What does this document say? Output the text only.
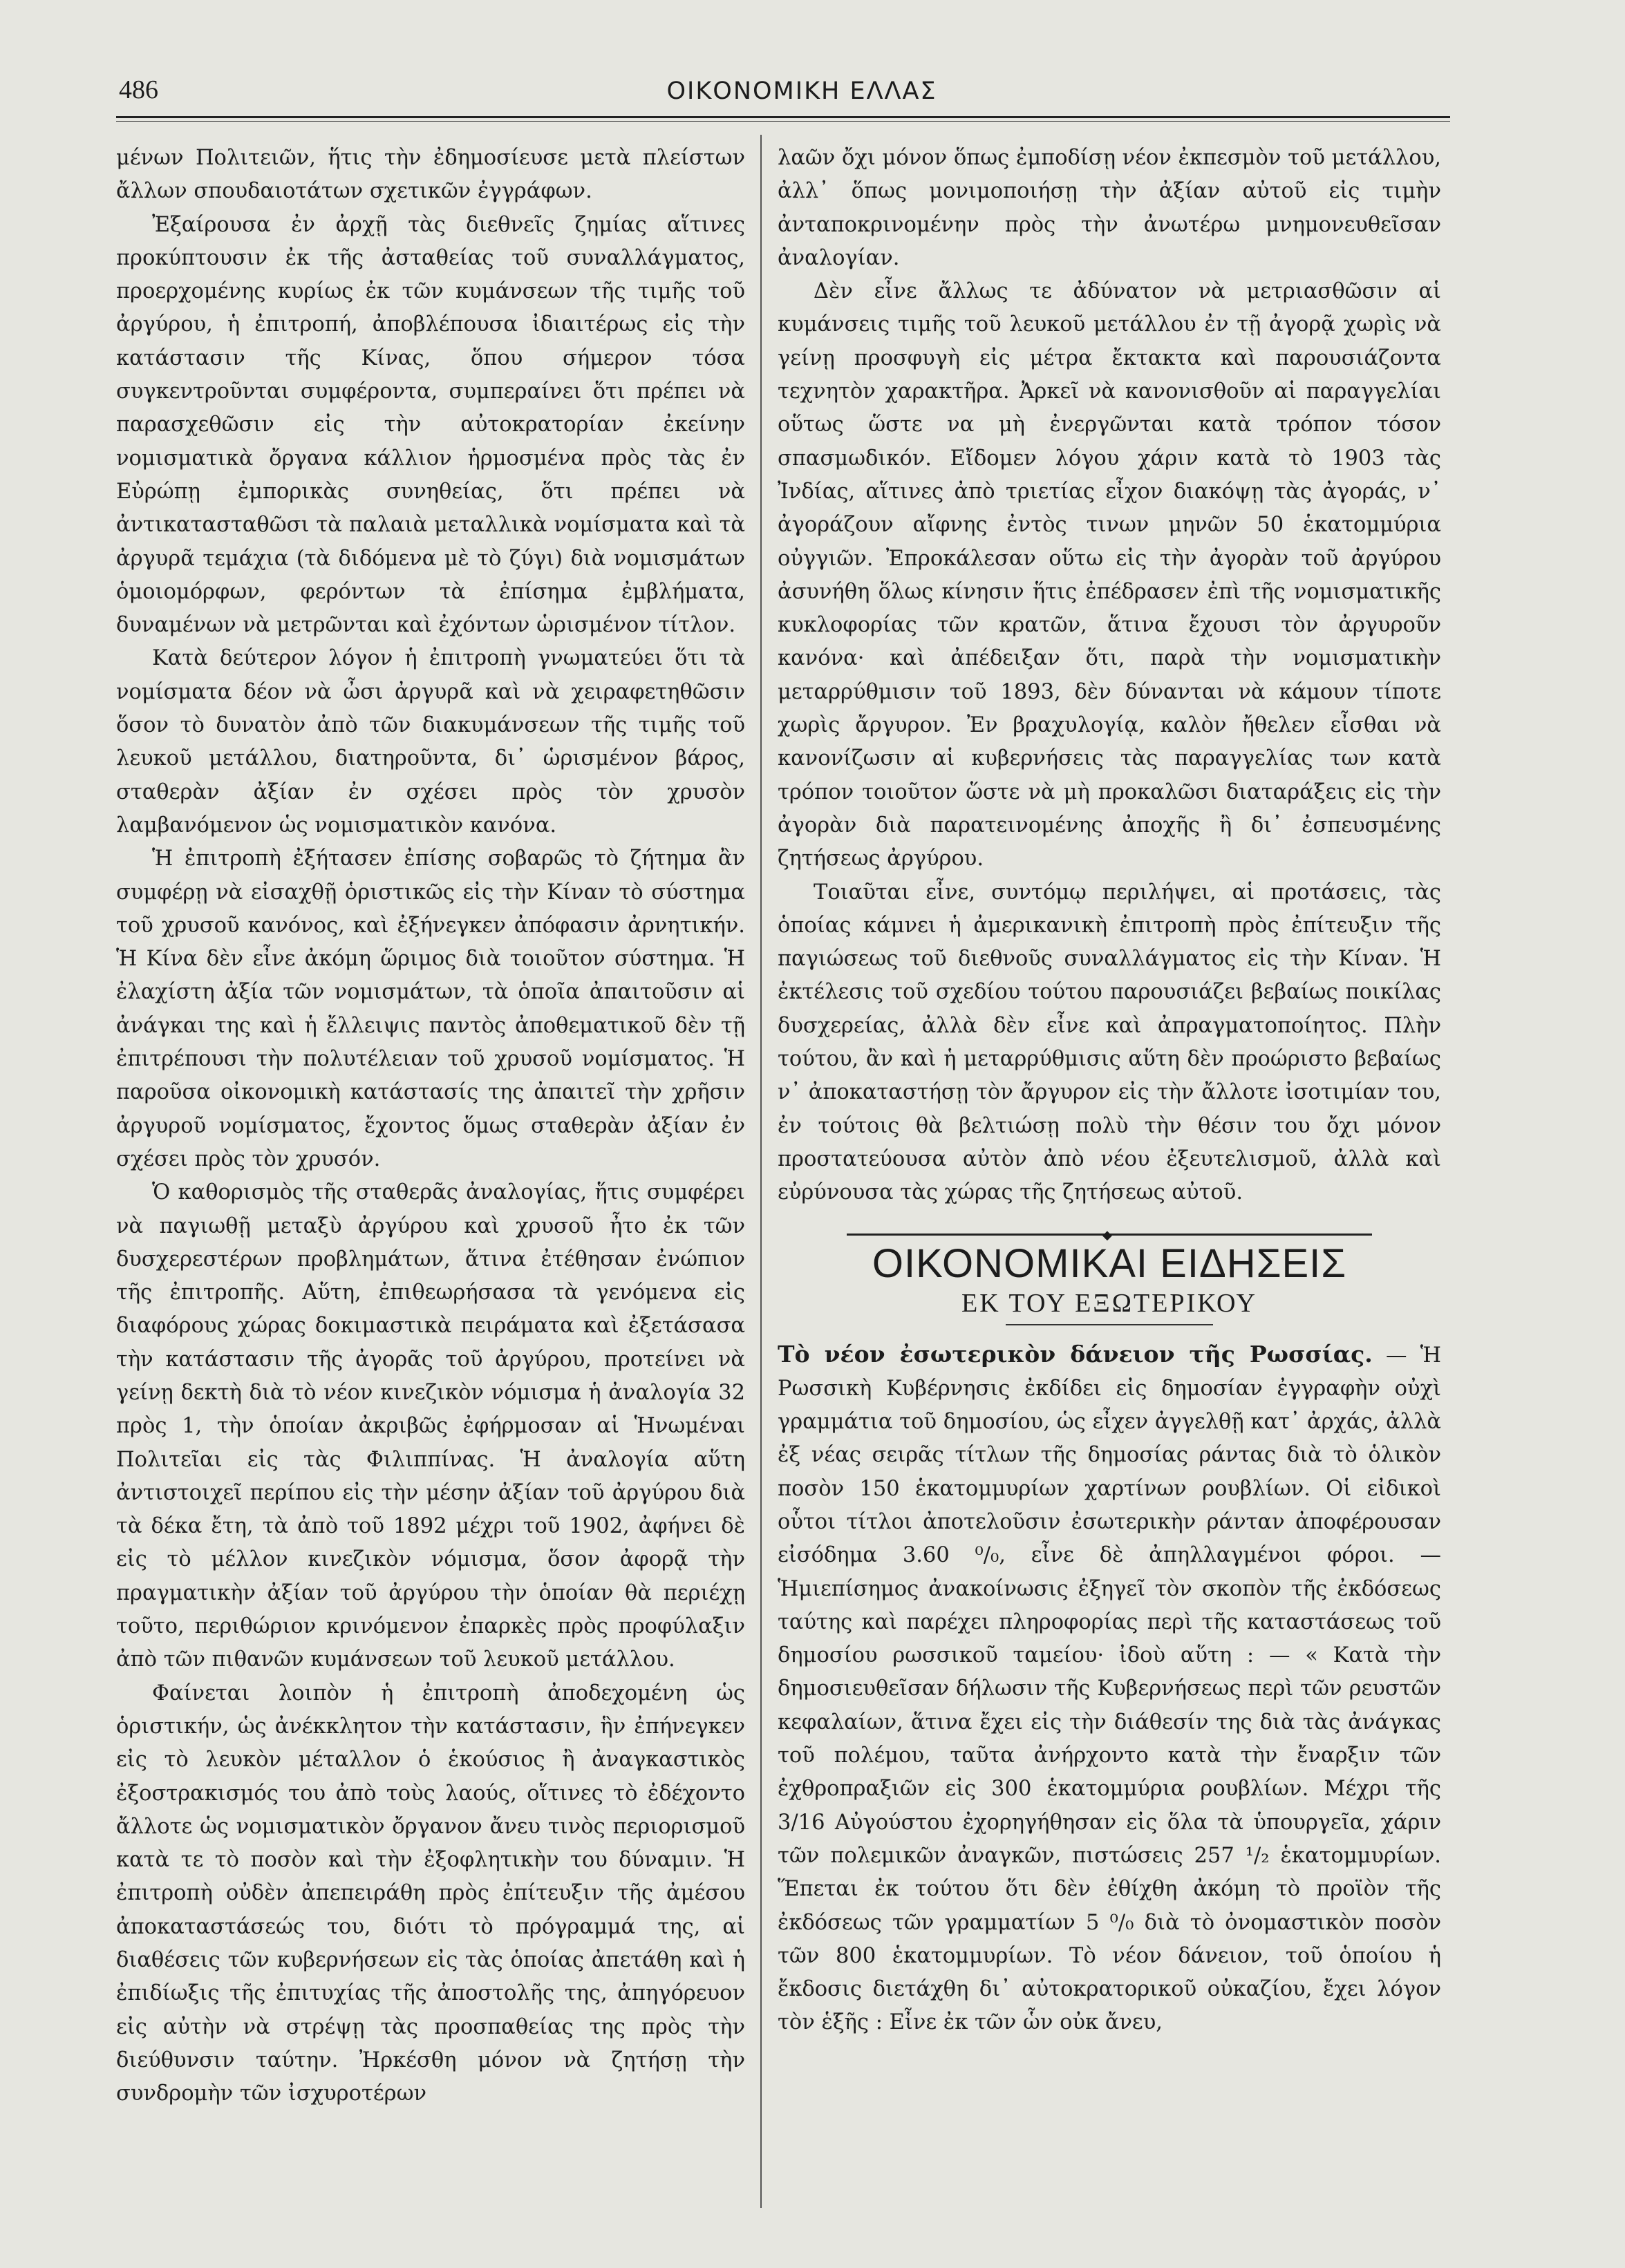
486	ΟΙΚΟΝΟΜΙΚΗ ΕΛΛΑΣ

μένων Πολιτειῶν, ἥτις τὴν ἐδημοσίευσε μετὰ πλείστων ἄλλων σπουδαιοτάτων σχετικῶν ἐγγράφων.

Ἐξαίρουσα ἐν ἀρχῇ τὰς διεθνεῖς ζημίας αἵτινες προκύπτουσιν ἐκ τῆς ἀσταθείας τοῦ συναλλάγματος, προερχομένης κυρίως ἐκ τῶν κυμάνσεων τῆς τιμῆς τοῦ ἀργύρου, ἡ ἐπιτροπή, ἀποβλέπουσα ἰδιαιτέρως εἰς τὴν κατάστασιν τῆς Κίνας, ὅπου σήμερον τόσα συγκεντροῦνται συμφέροντα, συμπεραίνει ὅτι πρέπει νὰ παρασχεθῶσιν εἰς τὴν αὐτοκρατορίαν ἐκείνην νομισματικὰ ὄργανα κάλλιον ἡρμοσμένα πρὸς τὰς ἐν Εὐρώπῃ ἐμπορικὰς συνηθείας, ὅτι πρέπει νὰ ἀντικατασταθῶσι τὰ παλαιὰ μεταλλικὰ νομίσματα καὶ τὰ ἀργυρᾶ τεμάχια (τὰ διδόμενα μὲ τὸ ζύγι) διὰ νομισμάτων ὁμοιομόρφων, φερόντων τὰ ἐπίσημα ἐμβλήματα, δυναμένων νὰ μετρῶνται καὶ ἐχόντων ὡρισμένον τίτλον.

Κατὰ δεύτερον λόγον ἡ ἐπιτροπὴ γνωματεύει ὅτι τὰ νομίσματα δέον νὰ ὦσι ἀργυρᾶ καὶ νὰ χειραφετηθῶσιν ὅσον τὸ δυνατὸν ἀπὸ τῶν διακυμάνσεων τῆς τιμῆς τοῦ λευκοῦ μετάλλου, διατηροῦντα, δι᾿ ὡρισμένον βάρος, σταθερὰν ἀξίαν ἐν σχέσει πρὸς τὸν χρυσὸν λαμβανόμενον ὡς νομισματικὸν κανόνα.

Ἡ ἐπιτροπὴ ἐξήτασεν ἐπίσης σοβαρῶς τὸ ζήτημα ἂν συμφέρῃ νὰ εἰσαχθῇ ὁριστικῶς εἰς τὴν Κίναν τὸ σύστημα τοῦ χρυσοῦ κανόνος, καὶ ἐξήνεγκεν ἀπόφασιν ἀρνητικήν. Ἡ Κίνα δὲν εἶνε ἀκόμη ὥριμος διὰ τοιοῦτον σύστημα. Ἡ ἐλαχίστη ἀξία τῶν νομισμάτων, τὰ ὁποῖα ἀπαιτοῦσιν αἱ ἀνάγκαι της καὶ ἡ ἔλλειψις παντὸς ἀποθεματικοῦ δὲν τῇ ἐπιτρέπουσι τὴν πολυτέλειαν τοῦ χρυσοῦ νομίσματος. Ἡ παροῦσα οἰκονομικὴ κατάστασίς της ἀπαιτεῖ τὴν χρῆσιν ἀργυροῦ νομίσματος, ἔχοντος ὅμως σταθερὰν ἀξίαν ἐν σχέσει πρὸς τὸν χρυσόν.

Ὁ καθορισμὸς τῆς σταθερᾶς ἀναλογίας, ἥτις συμφέρει νὰ παγιωθῇ μεταξὺ ἀργύρου καὶ χρυσοῦ ἦτο ἐκ τῶν δυσχερεστέρων προβλημάτων, ἅτινα ἐτέθησαν ἐνώπιον τῆς ἐπιτροπῆς. Αὕτη, ἐπιθεωρήσασα τὰ γενόμενα εἰς διαφόρους χώρας δοκιμαστικὰ πειράματα καὶ ἐξετάσασα τὴν κατάστασιν τῆς ἀγορᾶς τοῦ ἀργύρου, προτείνει νὰ γείνῃ δεκτὴ διὰ τὸ νέον κινεζικὸν νόμισμα ἡ ἀναλογία 32 πρὸς 1, τὴν ὁποίαν ἀκριβῶς ἐφήρμοσαν αἱ Ἡνωμέναι Πολιτεῖαι εἰς τὰς Φιλιππίνας. Ἡ ἀναλογία αὕτη ἀντιστοιχεῖ περίπου εἰς τὴν μέσην ἀξίαν τοῦ ἀργύρου διὰ τὰ δέκα ἔτη, τὰ ἀπὸ τοῦ 1892 μέχρι τοῦ 1902, ἀφήνει δὲ εἰς τὸ μέλλον κινεζικὸν νόμισμα, ὅσον ἀφορᾷ τὴν πραγματικὴν ἀξίαν τοῦ ἀργύρου τὴν ὁποίαν θὰ περιέχῃ τοῦτο, περιθώριον κρινόμενον ἐπαρκὲς πρὸς προφύλαξιν ἀπὸ τῶν πιθανῶν κυμάνσεων τοῦ λευκοῦ μετάλλου.

Φαίνεται λοιπὸν ἡ ἐπιτροπὴ ἀποδεχομένη ὡς ὁριστικήν, ὡς ἀνέκκλητον τὴν κατάστασιν, ἣν ἐπήνεγκεν εἰς τὸ λευκὸν μέταλλον ὁ ἑκούσιος ἢ ἀναγκαστικὸς ἐξοστρακισμός του ἀπὸ τοὺς λαούς, οἵτινες τὸ ἐδέχοντο ἄλλοτε ὡς νομισματικὸν ὄργανον ἄνευ τινὸς περιορισμοῦ κατὰ τε τὸ ποσὸν καὶ τὴν ἐξοφλητικὴν του δύναμιν. Ἡ ἐπιτροπὴ οὐδὲν ἀπεπειράθη πρὸς ἐπίτευξιν τῆς ἀμέσου ἀποκαταστάσεώς του, διότι τὸ πρόγραμμά της, αἱ διαθέσεις τῶν κυβερνήσεων εἰς τὰς ὁποίας ἀπετάθη καὶ ἡ ἐπιδίωξις τῆς ἐπιτυχίας τῆς ἀποστολῆς της, ἀπηγόρευον εἰς αὐτὴν νὰ στρέψῃ τὰς προσπαθείας της πρὸς τὴν διεύθυνσιν ταύτην. Ἠρκέσθη μόνον νὰ ζητήσῃ τὴν συνδρομὴν τῶν ἰσχυροτέρων

λαῶν ὄχι μόνον ὅπως ἐμποδίσῃ νέον ἐκπεσμὸν τοῦ μετάλλου, ἀλλ᾿ ὅπως μονιμοποιήσῃ τὴν ἀξίαν αὐτοῦ εἰς τιμὴν ἀνταποκρινομένην πρὸς τὴν ἀνωτέρω μνημονευθεῖσαν ἀναλογίαν.

Δὲν εἶνε ἄλλως τε ἀδύνατον νὰ μετριασθῶσιν αἱ κυμάνσεις τιμῆς τοῦ λευκοῦ μετάλλου ἐν τῇ ἀγορᾷ χωρὶς νὰ γείνῃ προσφυγὴ εἰς μέτρα ἔκτακτα καὶ παρουσιάζοντα τεχνητὸν χαρακτῆρα. Ἀρκεῖ νὰ κανονισθοῦν αἱ παραγγελίαι οὕτως ὥστε να μὴ ἐνεργῶνται κατὰ τρόπον τόσον σπασμωδικόν. Εἴδομεν λόγου χάριν κατὰ τὸ 1903 τὰς Ἰνδίας, αἵτινες ἀπὸ τριετίας εἶχον διακόψῃ τὰς ἀγοράς, ν᾿ ἀγοράζουν αἴφνης ἐντὸς τινων μηνῶν 50 ἑκατομμύρια οὐγγιῶν. Ἐπροκάλεσαν οὕτω εἰς τὴν ἀγορὰν τοῦ ἀργύρου ἀσυνήθη ὅλως κίνησιν ἥτις ἐπέδρασεν ἐπὶ τῆς νομισματικῆς κυκλοφορίας τῶν κρατῶν, ἅτινα ἔχουσι τὸν ἀργυροῦν κανόνα· καὶ ἀπέδειξαν ὅτι, παρὰ τὴν νομισματικὴν μεταρρύθμισιν τοῦ 1893, δὲν δύνανται νὰ κάμουν τίποτε χωρὶς ἄργυρον. Ἐν βραχυλογίᾳ, καλὸν ἤθελεν εἶσθαι νὰ κανονίζωσιν αἱ κυβερνήσεις τὰς παραγγελίας των κατὰ τρόπον τοιοῦτον ὥστε νὰ μὴ προκαλῶσι διαταράξεις εἰς τὴν ἀγορὰν διὰ παρατεινομένης ἀποχῆς ἢ δι᾿ ἐσπευσμένης ζητήσεως ἀργύρου.

Τοιαῦται εἶνε, συντόμῳ περιλήψει, αἱ προτάσεις, τὰς ὁποίας κάμνει ἡ ἀμερικανικὴ ἐπιτροπὴ πρὸς ἐπίτευξιν τῆς παγιώσεως τοῦ διεθνοῦς συναλλάγματος εἰς τὴν Κίναν. Ἡ ἐκτέλεσις τοῦ σχεδίου τούτου παρουσιάζει βεβαίως ποικίλας δυσχερείας, ἀλλὰ δὲν εἶνε καὶ ἀπραγματοποίητος. Πλὴν τούτου, ἂν καὶ ἡ μεταρρύθμισις αὕτη δὲν προώριστο βεβαίως ν᾿ ἀποκαταστήσῃ τὸν ἄργυρον εἰς τὴν ἄλλοτε ἰσοτιμίαν του, ἐν τούτοις θὰ βελτιώσῃ πολὺ τὴν θέσιν του ὄχι μόνον προστατεύουσα αὐτὸν ἀπὸ νέου ἐξευτελισμοῦ, ἀλλὰ καὶ εὐρύνουσα τὰς χώρας τῆς ζητήσεως αὐτοῦ.

◆
ΟΙΚΟΝΟΜΙΚΑΙ ΕΙΔΗΣΕΙΣ
ΕΚ ΤΟΥ ΕΞΩΤΕΡΙΚΟΥ

Τὸ νέον ἐσωτερικὸν δάνειον τῆς Ρωσσίας. — Ἡ Ρωσσικὴ Κυβέρνησις ἐκδίδει εἰς δημοσίαν ἐγγραφὴν οὐχὶ γραμμάτια τοῦ δημοσίου, ὡς εἶχεν ἀγγελθῇ κατ᾿ ἀρχάς, ἀλλὰ ἐξ νέας σειρᾶς τίτλων τῆς δημοσίας ράντας διὰ τὸ ὁλικὸν ποσὸν 150 ἑκατομμυρίων χαρτίνων ρουβλίων. Οἱ εἰδικοὶ οὗτοι τίτλοι ἀποτελοῦσιν ἐσωτερικὴν ράνταν ἀποφέρουσαν εἰσόδημα 3.60 ⁰/₀, εἶνε δὲ ἀπηλλαγμένοι φόροι. — Ἡμιεπίσημος ἀνακοίνωσις ἐξηγεῖ τὸν σκοπὸν τῆς ἐκδόσεως ταύτης καὶ παρέχει πληροφορίας περὶ τῆς καταστάσεως τοῦ δημοσίου ρωσσικοῦ ταμείου· ἰδοὺ αὕτη : — « Κατὰ τὴν δημοσιευθεῖσαν δήλωσιν τῆς Κυβερνήσεως περὶ τῶν ρευστῶν κεφαλαίων, ἅτινα ἔχει εἰς τὴν διάθεσίν της διὰ τὰς ἀνάγκας τοῦ πολέμου, ταῦτα ἀνήρχοντο κατὰ τὴν ἔναρξιν τῶν ἐχθροπραξιῶν εἰς 300 ἑκατομμύρια ρουβλίων. Μέχρι τῆς 3/16 Αὐγούστου ἐχορηγήθησαν εἰς ὅλα τὰ ὑπουργεῖα, χάριν τῶν πολεμικῶν ἀναγκῶν, πιστώσεις 257 ¹/₂ ἑκατομμυρίων. Ἕπεται ἐκ τούτου ὅτι δὲν ἐθίχθη ἀκόμη τὸ προϊὸν τῆς ἐκδόσεως τῶν γραμματίων 5 ⁰/₀ διὰ τὸ ὀνομαστικὸν ποσὸν τῶν 800 ἑκατομμυρίων. Τὸ νέον δάνειον, τοῦ ὁποίου ἡ ἔκδοσις διετάχθη δι᾿ αὐτοκρατορικοῦ οὐκαζίου, ἔχει λόγον τὸν ἑξῆς : Εἶνε ἐκ τῶν ὧν οὐκ ἄνευ,
